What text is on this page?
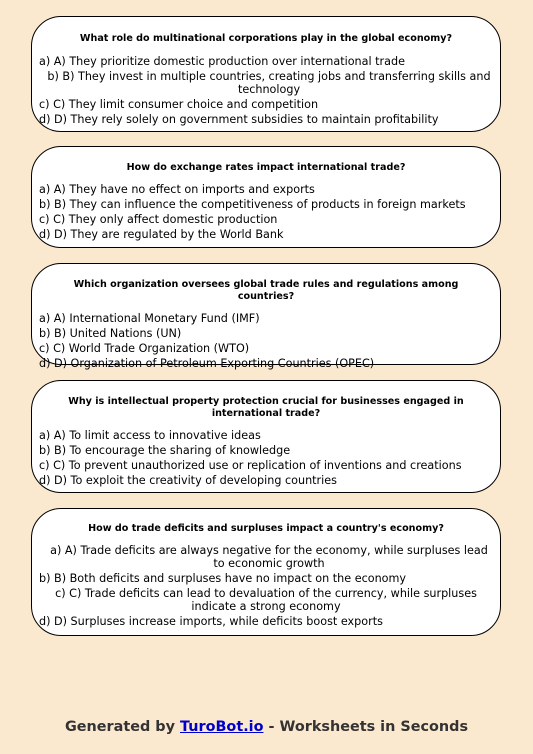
What role do multinational corporations play in the global economy?

a) A) They prioritize domestic production over international trade
b) B) They invest in multiple countries, creating jobs and transferring skills and technology
c) C) They limit consumer choice and competition
d) D) They rely solely on government subsidies to maintain profitability

How do exchange rates impact international trade?

a) A) They have no effect on imports and exports
b) B) They can influence the competitiveness of products in foreign markets
c) C) They only affect domestic production
d) D) They are regulated by the World Bank

Which organization oversees global trade rules and regulations among countries?

a) A) International Monetary Fund (IMF)
b) B) United Nations (UN)
c) C) World Trade Organization (WTO)
d) D) Organization of Petroleum Exporting Countries (OPEC)

Why is intellectual property protection crucial for businesses engaged in international trade?

a) A) To limit access to innovative ideas
b) B) To encourage the sharing of knowledge
c) C) To prevent unauthorized use or replication of inventions and creations
d) D) To exploit the creativity of developing countries

How do trade deficits and surpluses impact a country's economy?

a) A) Trade deficits are always negative for the economy, while surpluses lead to economic growth
b) B) Both deficits and surpluses have no impact on the economy
c) C) Trade deficits can lead to devaluation of the currency, while surpluses indicate a strong economy
d) D) Surpluses increase imports, while deficits boost exports
Generated by TuroBot.io - Worksheets in Seconds
